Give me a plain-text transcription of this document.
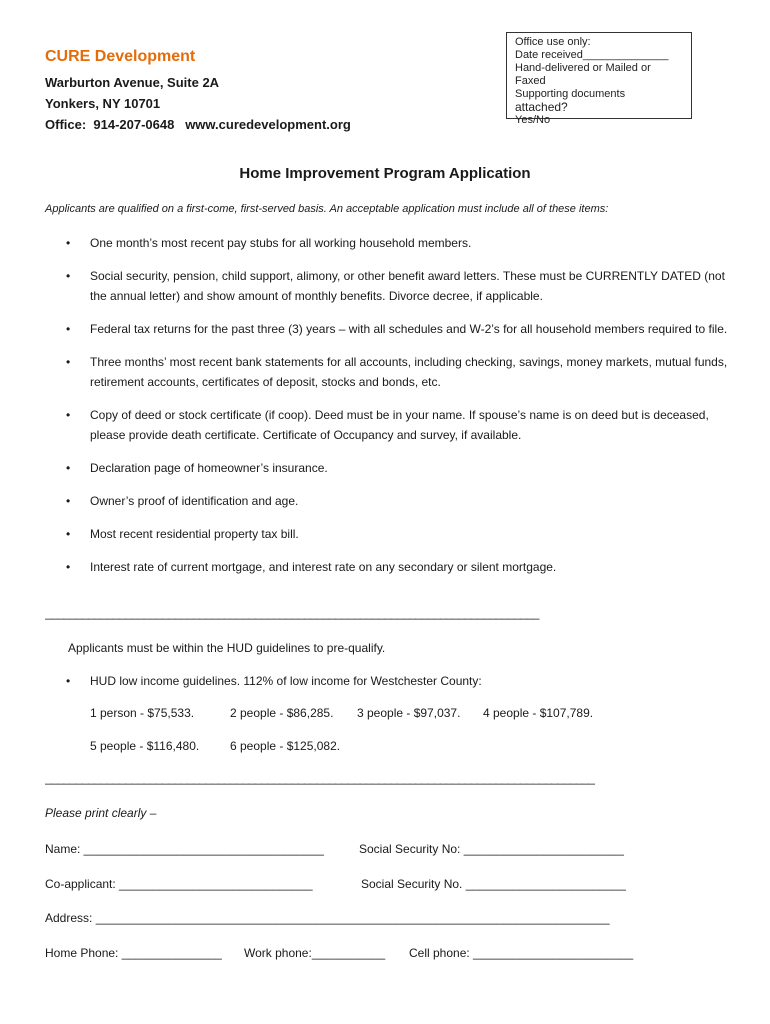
CURE Development
Warburton Avenue, Suite 2A
Yonkers, NY 10701
Office:  914-207-0648   www.curedevelopment.org
Office use only:
Date received______________
Hand-delivered or Mailed or
Faxed
Supporting documents
attached?
Yes/No
Home Improvement Program Application
Applicants are qualified on a first-come, first-served basis. An acceptable application must include all of these items:
• One month’s most recent pay stubs for all working household members.
• Social security, pension, child support, alimony, or other benefit award letters. These must be CURRENTLY DATED (not the annual letter) and show amount of monthly benefits. Divorce decree, if applicable.
• Federal tax returns for the past three (3) years – with all schedules and W-2’s for all household members required to file.
• Three months’ most recent bank statements for all accounts, including checking, savings, money markets, mutual funds, retirement accounts, certificates of deposit, stocks and bonds, etc.
• Copy of deed or stock certificate (if coop). Deed must be in your name. If spouse’s name is on deed but is deceased, please provide death certificate. Certificate of Occupancy and survey, if available.
• Declaration page of homeowner’s insurance.
• Owner’s proof of identification and age.
• Most recent residential property tax bill.
• Interest rate of current mortgage, and interest rate on any secondary or silent mortgage.
________________________________________________________________________________
Applicants must be within the HUD guidelines to pre-qualify.
• HUD low income guidelines. 112% of low income for Westchester County:
1 person - $75,533.	2 people - $86,285. 3 people - $97,037. 4 people - $107,789.
5 people - $116,480.	6 people - $125,082.
_________________________________________________________________________________________
Please print clearly –
Name: ____________________________________	Social Security No: ________________________
Co-applicant: _____________________________	Social Security No. ________________________
Address: _____________________________________________________________________________
Home Phone: _______________	Work phone:___________	Cell phone: ________________________
